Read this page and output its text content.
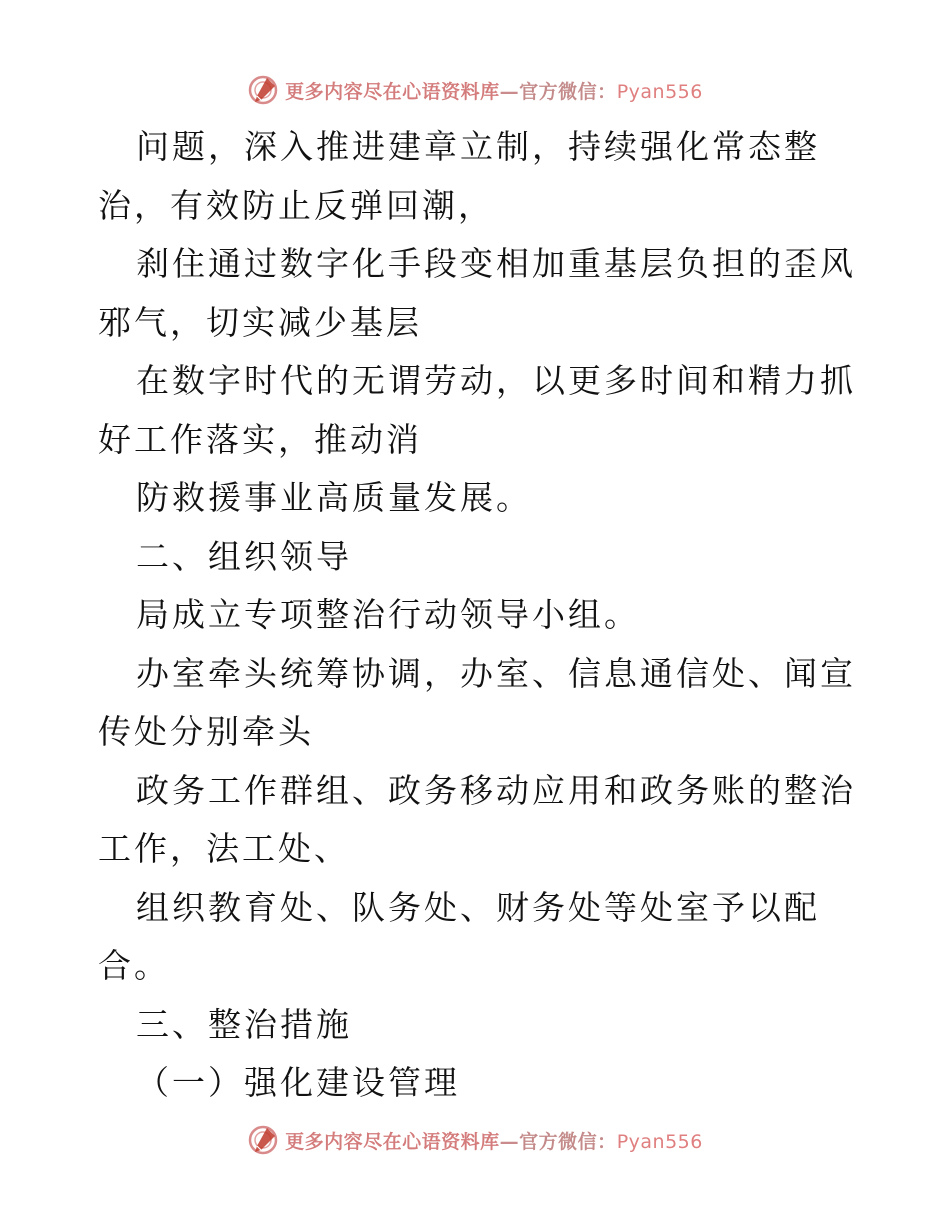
更多内容尽在心语资料库—官方微信：Pyan556

问题，深入推进建章立制，持续强化常态整治，有效防止反弹回潮，

刹住通过数字化手段变相加重基层负担的歪风邪气，切实减少基层

在数字时代的无谓劳动，以更多时间和精力抓好工作落实，推动消

防救援事业高质量发展。

二、组织领导

局成立专项整治行动领导小组。

办室牵头统筹协调，办室、信息通信处、闻宣传处分别牵头

政务工作群组、政务移动应用和政务账的整治工作，法工处、

组织教育处、队务处、财务处等处室予以配合。

三、整治措施

（一）强化建设管理

更多内容尽在心语资料库—官方微信：Pyan556
